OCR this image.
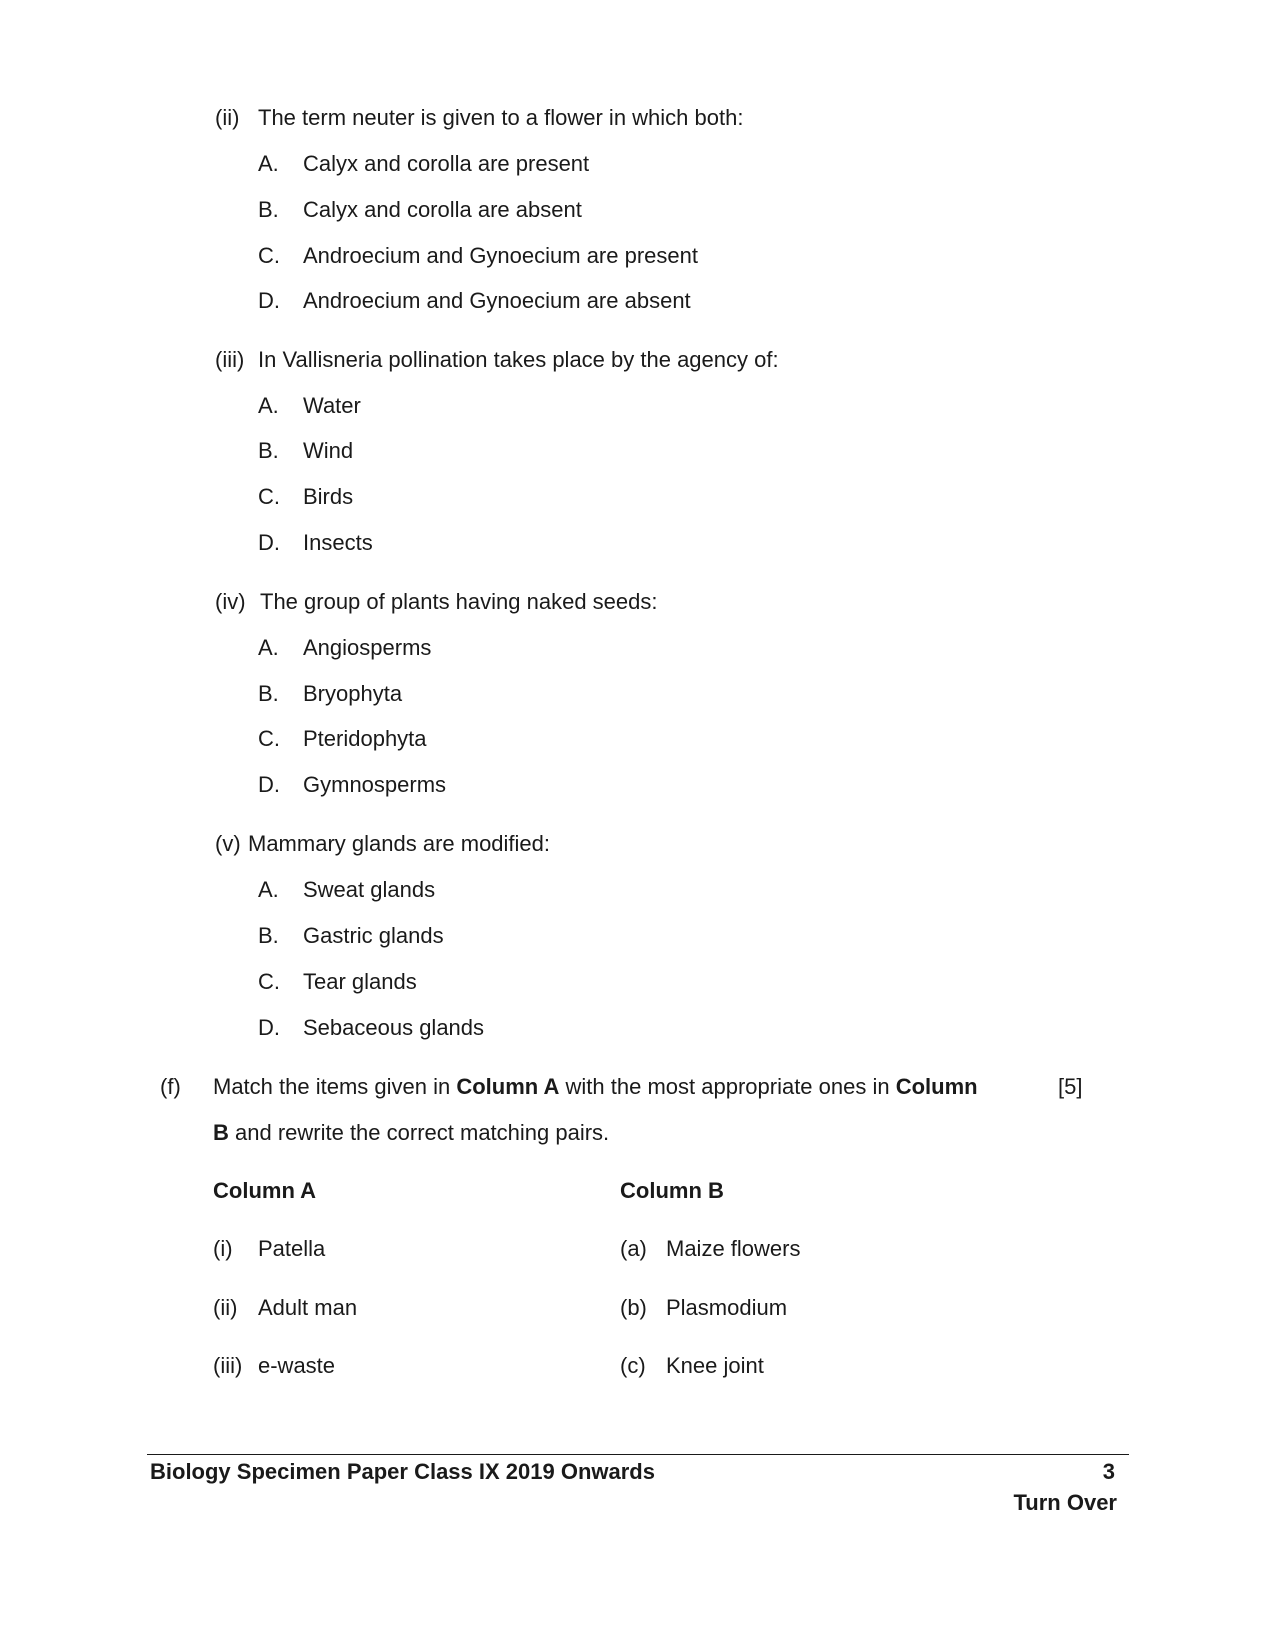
(ii) The term neuter is given to a flower in which both:
A. Calyx and corolla are present
B. Calyx and corolla are absent
C. Androecium and Gynoecium are present
D. Androecium and Gynoecium are absent
(iii) In Vallisneria pollination takes place by the agency of:
A. Water
B. Wind
C. Birds
D. Insects
(iv) The group of plants having naked seeds:
A. Angiosperms
B. Bryophyta
C. Pteridophyta
D. Gymnosperms
(v) Mammary glands are modified:
A. Sweat glands
B. Gastric glands
C. Tear glands
D. Sebaceous glands
(f) Match the items given in Column A with the most appropriate ones in Column	[5]
B and rewrite the correct matching pairs.
Column A	Column B
(i) Patella	(a) Maize flowers
(ii) Adult man	(b) Plasmodium
(iii) e-waste	(c) Knee joint
Biology Specimen Paper Class IX 2019 Onwards	3
Turn Over
